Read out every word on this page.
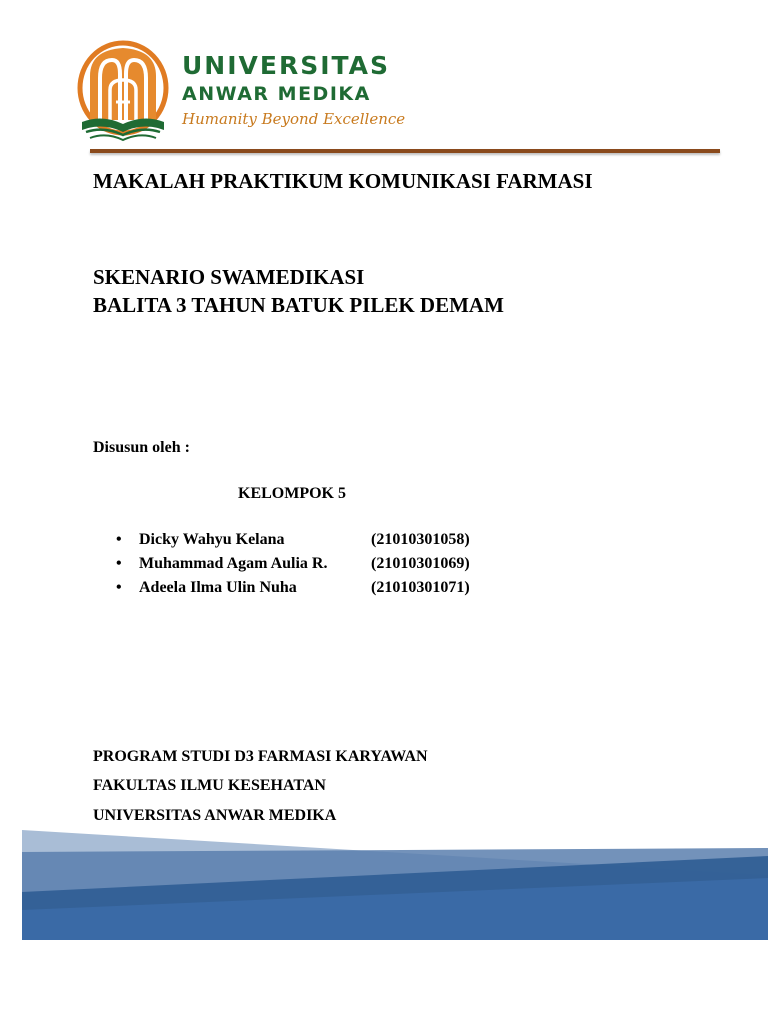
UNIVERSITAS
ANWAR MEDIKA
Humanity Beyond Excellence
MAKALAH PRAKTIKUM KOMUNIKASI FARMASI
SKENARIO SWAMEDIKASI
BALITA 3 TAHUN BATUK PILEK DEMAM
Disusun oleh :
KELOMPOK 5
• Dicky Wahyu Kelana	(21010301058)
• Muhammad Agam Aulia R.	(21010301069)
• Adeela Ilma Ulin Nuha	(21010301071)
PROGRAM STUDI D3 FARMASI KARYAWAN
FAKULTAS ILMU KESEHATAN
UNIVERSITAS ANWAR MEDIKA
